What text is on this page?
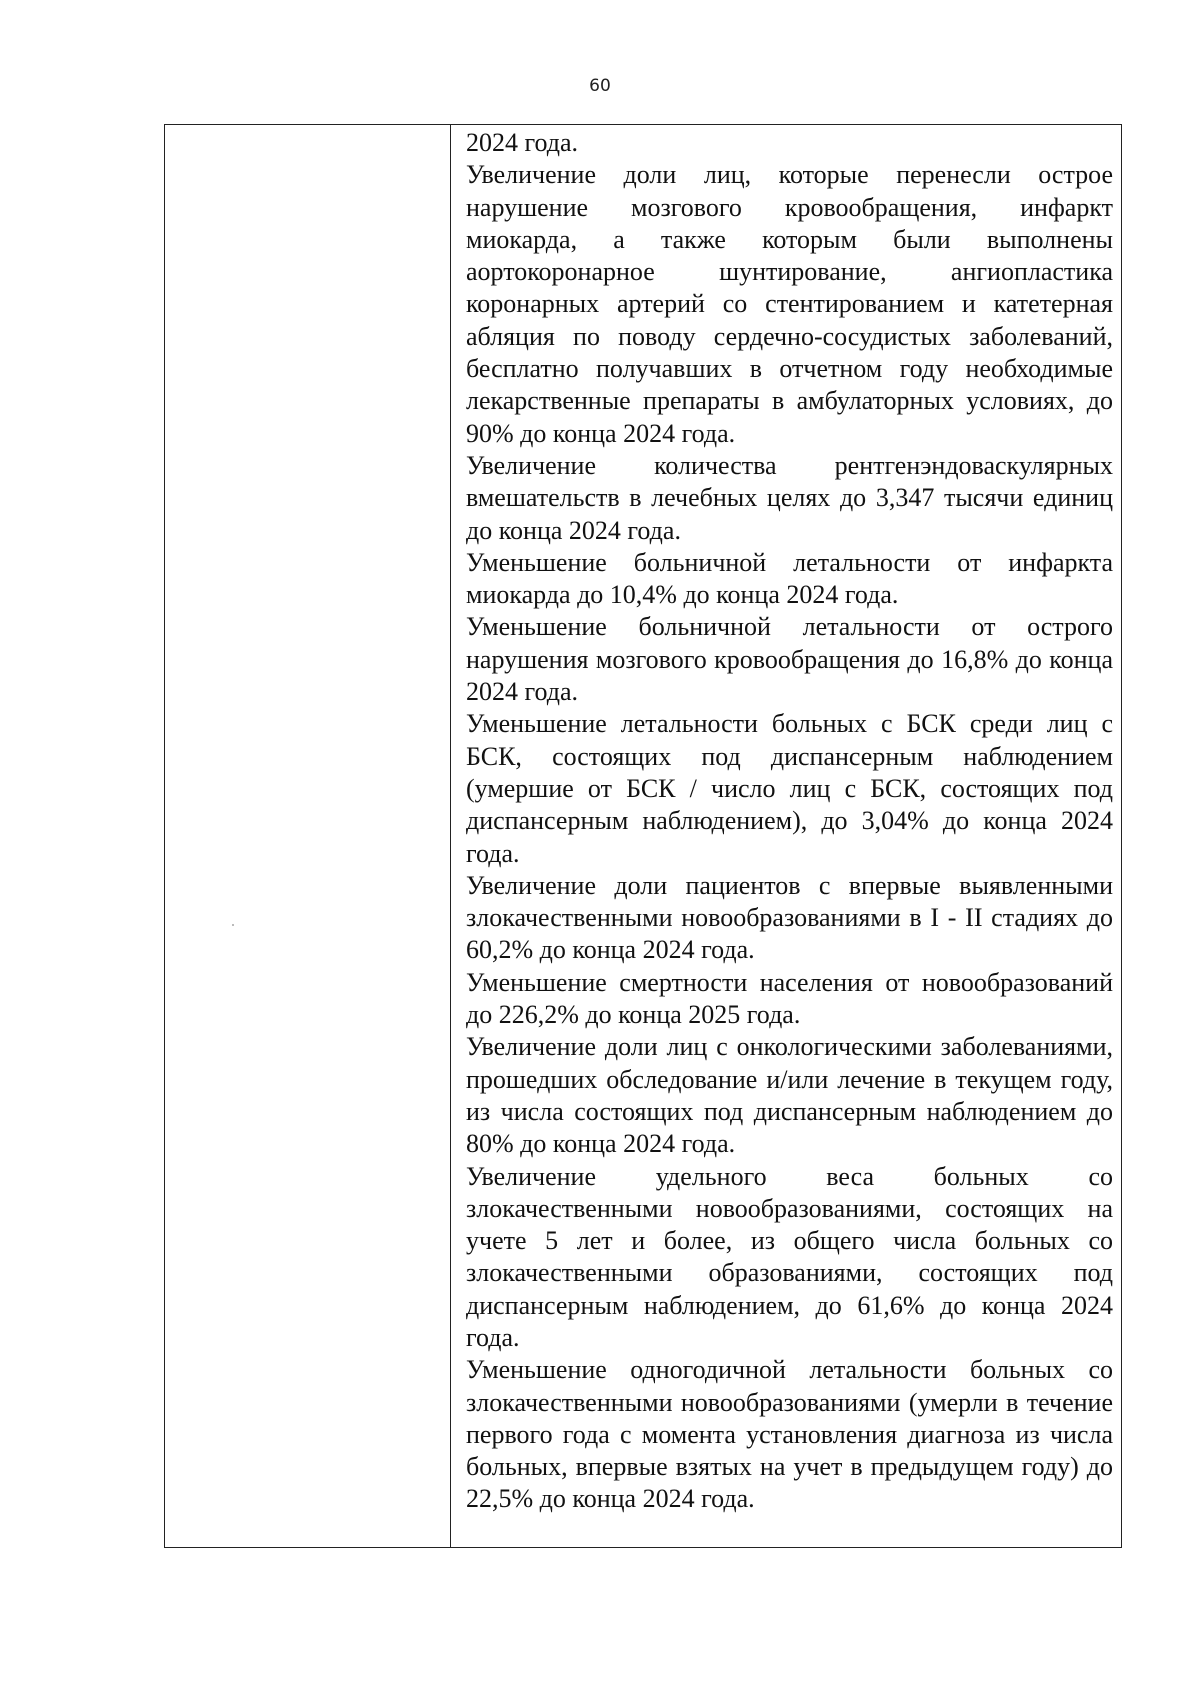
60

2024 года.

Увеличение доли лиц, которые перенесли острое нарушение мозгового кровообращения, инфаркт миокарда, а также которым были выполнены аортокоронарное шунтирование, ангиопластика коронарных артерий со стентированием и катетерная абляция по поводу сердечно-сосудистых заболеваний, бесплатно получавших в отчетном году необходимые лекарственные препараты в амбулаторных условиях, до 90% до конца 2024 года.

Увеличение количества рентгенэндоваскулярных вмешательств в лечебных целях до 3,347 тысячи единиц до конца 2024 года.

Уменьшение больничной летальности от инфаркта миокарда до 10,4% до конца 2024 года.

Уменьшение больничной летальности от острого нарушения мозгового кровообращения до 16,8% до конца 2024 года.

Уменьшение летальности больных с БСК среди лиц с БСК, состоящих под диспансерным наблюдением (умершие от БСК / число лиц с БСК, состоящих под диспансерным наблюдением), до 3,04% до конца 2024 года.

Увеличение доли пациентов с впервые выявленными злокачественными новообразованиями в I - II стадиях до 60,2% до конца 2024 года.

Уменьшение смертности населения от новообразований до 226,2% до конца 2025 года.

Увеличение доли лиц с онкологическими заболеваниями, прошедших обследование и/или лечение в текущем году, из числа состоящих под диспансерным наблюдением до 80% до конца 2024 года.

Увеличение удельного веса больных со злокачественными новообразованиями, состоящих на учете 5 лет и более, из общего числа больных со злокачественными образованиями, состоящих под диспансерным наблюдением, до 61,6% до конца 2024 года.

Уменьшение одногодичной летальности больных со злокачественными новообразованиями (умерли в течение первого года с момента установления диагноза из числа больных, впервые взятых на учет в предыдущем году) до 22,5% до конца 2024 года.
